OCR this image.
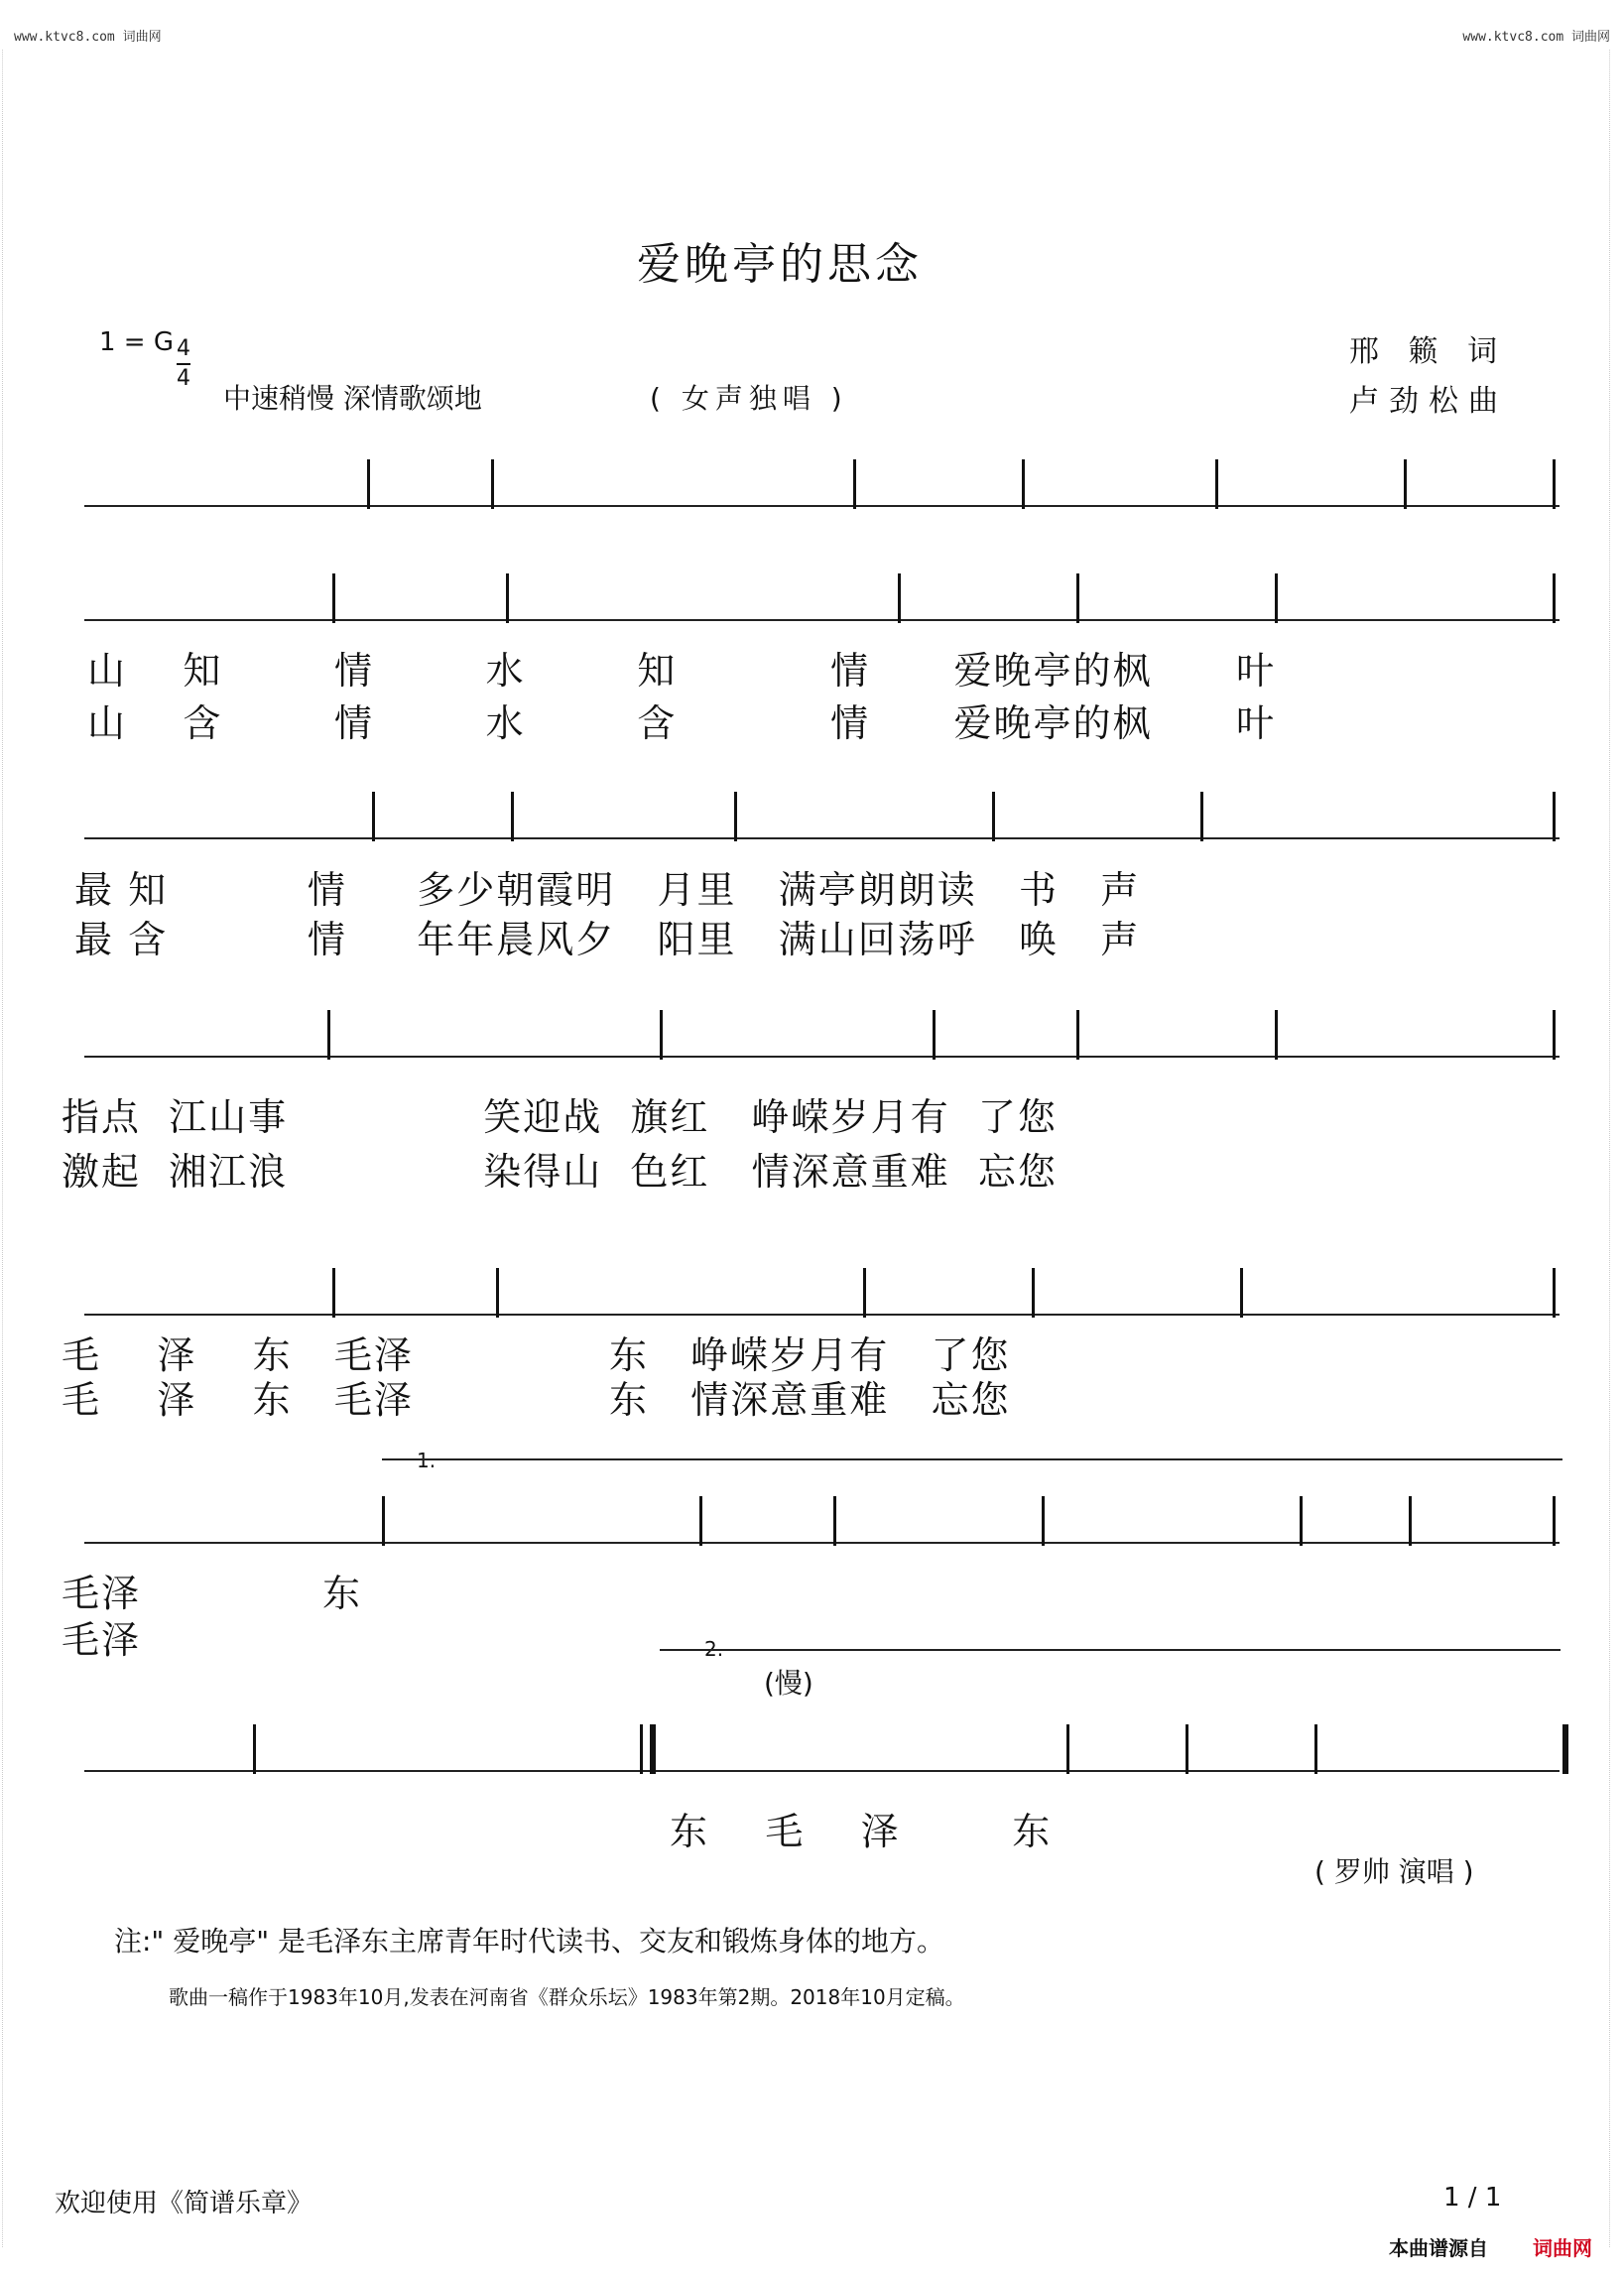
www.ktvc8.com 词曲网	www.ktvc8.com 词曲网
爱晚亭的思念
1 = G 4
4
中速稍慢 深情歌颂地	( 女声独唱 )
邢 籁 词
卢劲松曲
山    知        情        水        知           情      爱晚亭的枫      叶
山    含        情        水        含           情      爱晚亭的枫      叶
最 知          情     多少朝霞明   月里   满亭朗朗读   书   声
最 含          情     年年晨风夕   阳里   满山回荡呼   唤   声
指点  江山事              笑迎战  旗红   峥嵘岁月有  了您
激起  湘江浪              染得山  色红   情深意重难  忘您
毛    泽    东   毛泽              东   峥嵘岁月有   了您
毛    泽    东   毛泽              东   情深意重难   忘您
1.
毛泽             东
毛泽	2.
(慢)
东    毛    泽        东
( 罗帅 演唱 )
注:" 爱晚亭" 是毛泽东主席青年时代读书、交友和锻炼身体的地方。
歌曲一稿作于1983年10月,发表在河南省《群众乐坛》1983年第2期。2018年10月定稿。
欢迎使用《简谱乐章》	1 / 1
本曲谱源自 词曲网
